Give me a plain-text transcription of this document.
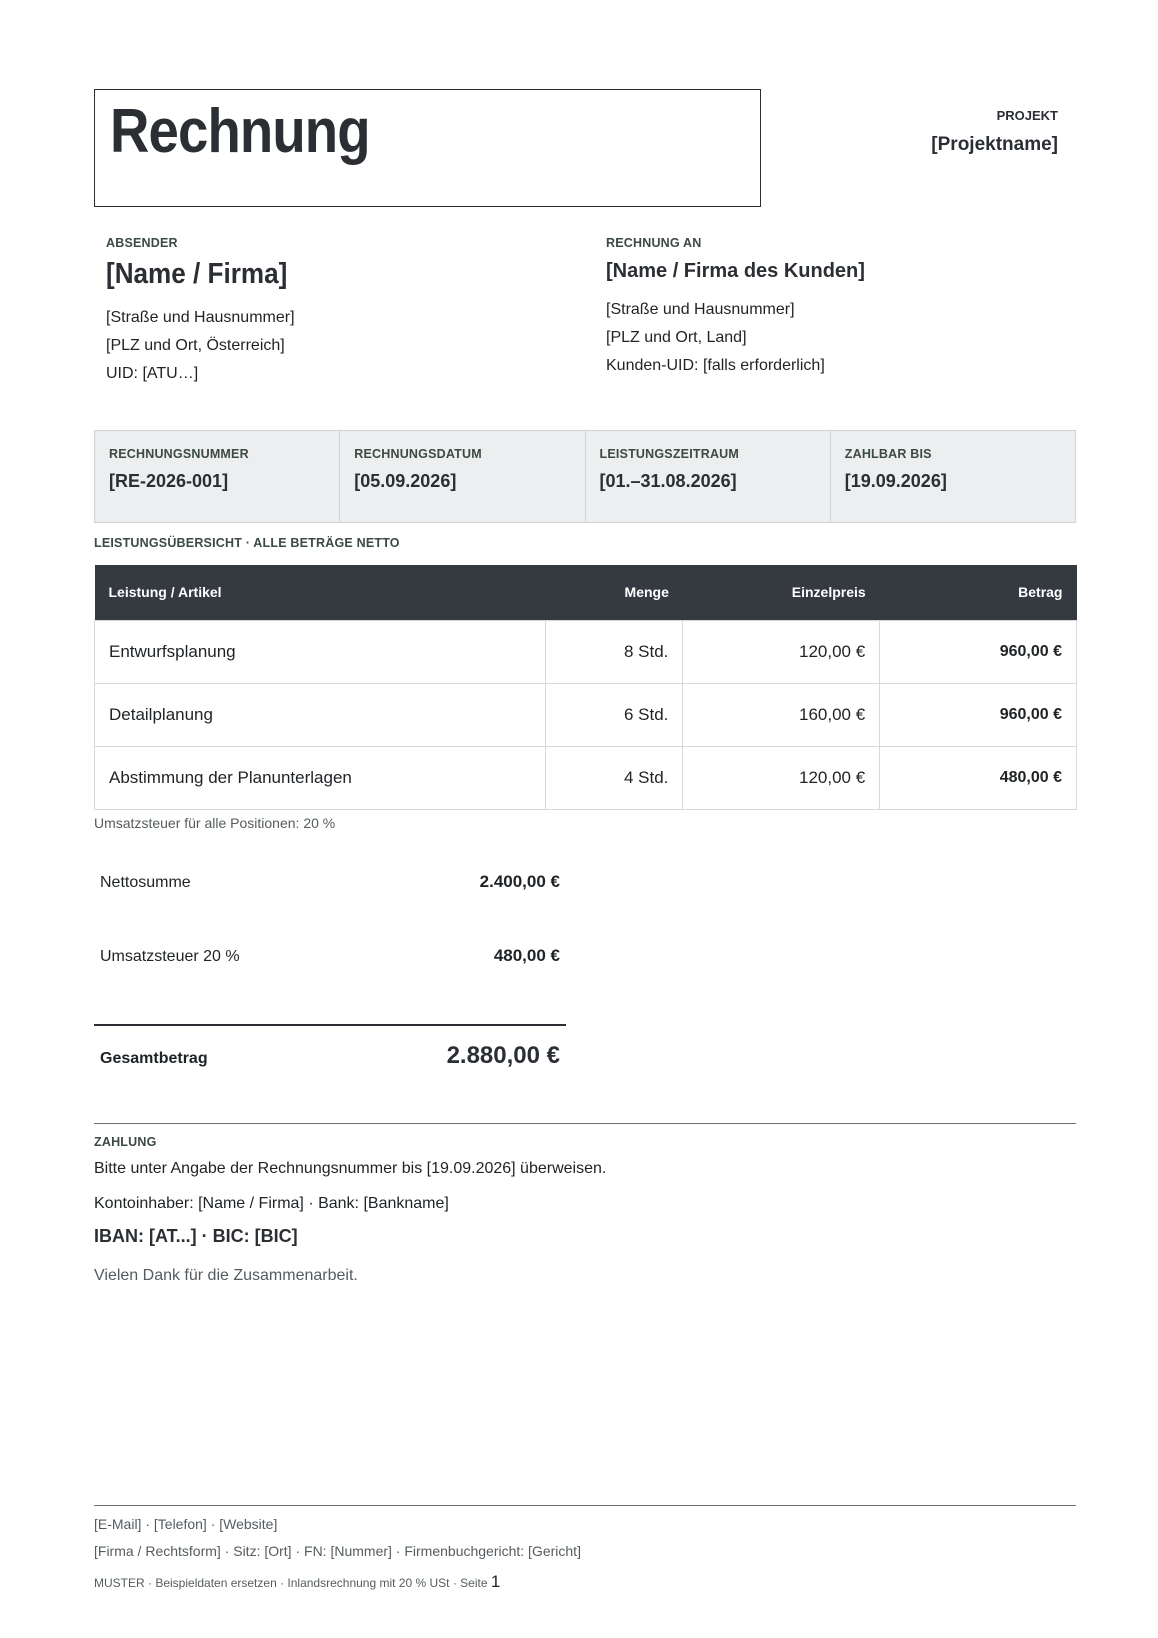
Rechnung	PROJEKT
[Projektname]
ABSENDER
[Name / Firma]
[Straße und Hausnummer]
[PLZ und Ort, Österreich]
UID: [ATU…]
RECHNUNG AN
[Name / Firma des Kunden]
[Straße und Hausnummer]
[PLZ und Ort, Land]
Kunden-UID: [falls erforderlich]
RECHNUNGSNUMMER
[RE-2026-001]
RECHNUNGSDATUM
[05.09.2026]
LEISTUNGSZEITRAUM
[01.–31.08.2026]
ZAHLBAR BIS
[19.09.2026]
LEISTUNGSÜBERSICHT · ALLE BETRÄGE NETTO
Leistung / Artikel	Menge	Einzelpreis	Betrag
Entwurfsplanung	8 Std.	120,00 €	960,00 €
Detailplanung	6 Std.	160,00 €	960,00 €
Abstimmung der Planunterlagen	4 Std.	120,00 €	480,00 €
Umsatzsteuer für alle Positionen: 20 %
Nettosumme	2.400,00 €
Umsatzsteuer 20 %	480,00 €
Gesamtbetrag	2.880,00 €
ZAHLUNG
Bitte unter Angabe der Rechnungsnummer bis [19.09.2026] überweisen.
Kontoinhaber: [Name / Firma] · Bank: [Bankname]
IBAN: [AT...] · BIC: [BIC]
Vielen Dank für die Zusammenarbeit.
[E-Mail] · [Telefon] · [Website]
[Firma / Rechtsform] · Sitz: [Ort] · FN: [Nummer] · Firmenbuchgericht: [Gericht]
MUSTER · Beispieldaten ersetzen · Inlandsrechnung mit 20 % USt · Seite 1
